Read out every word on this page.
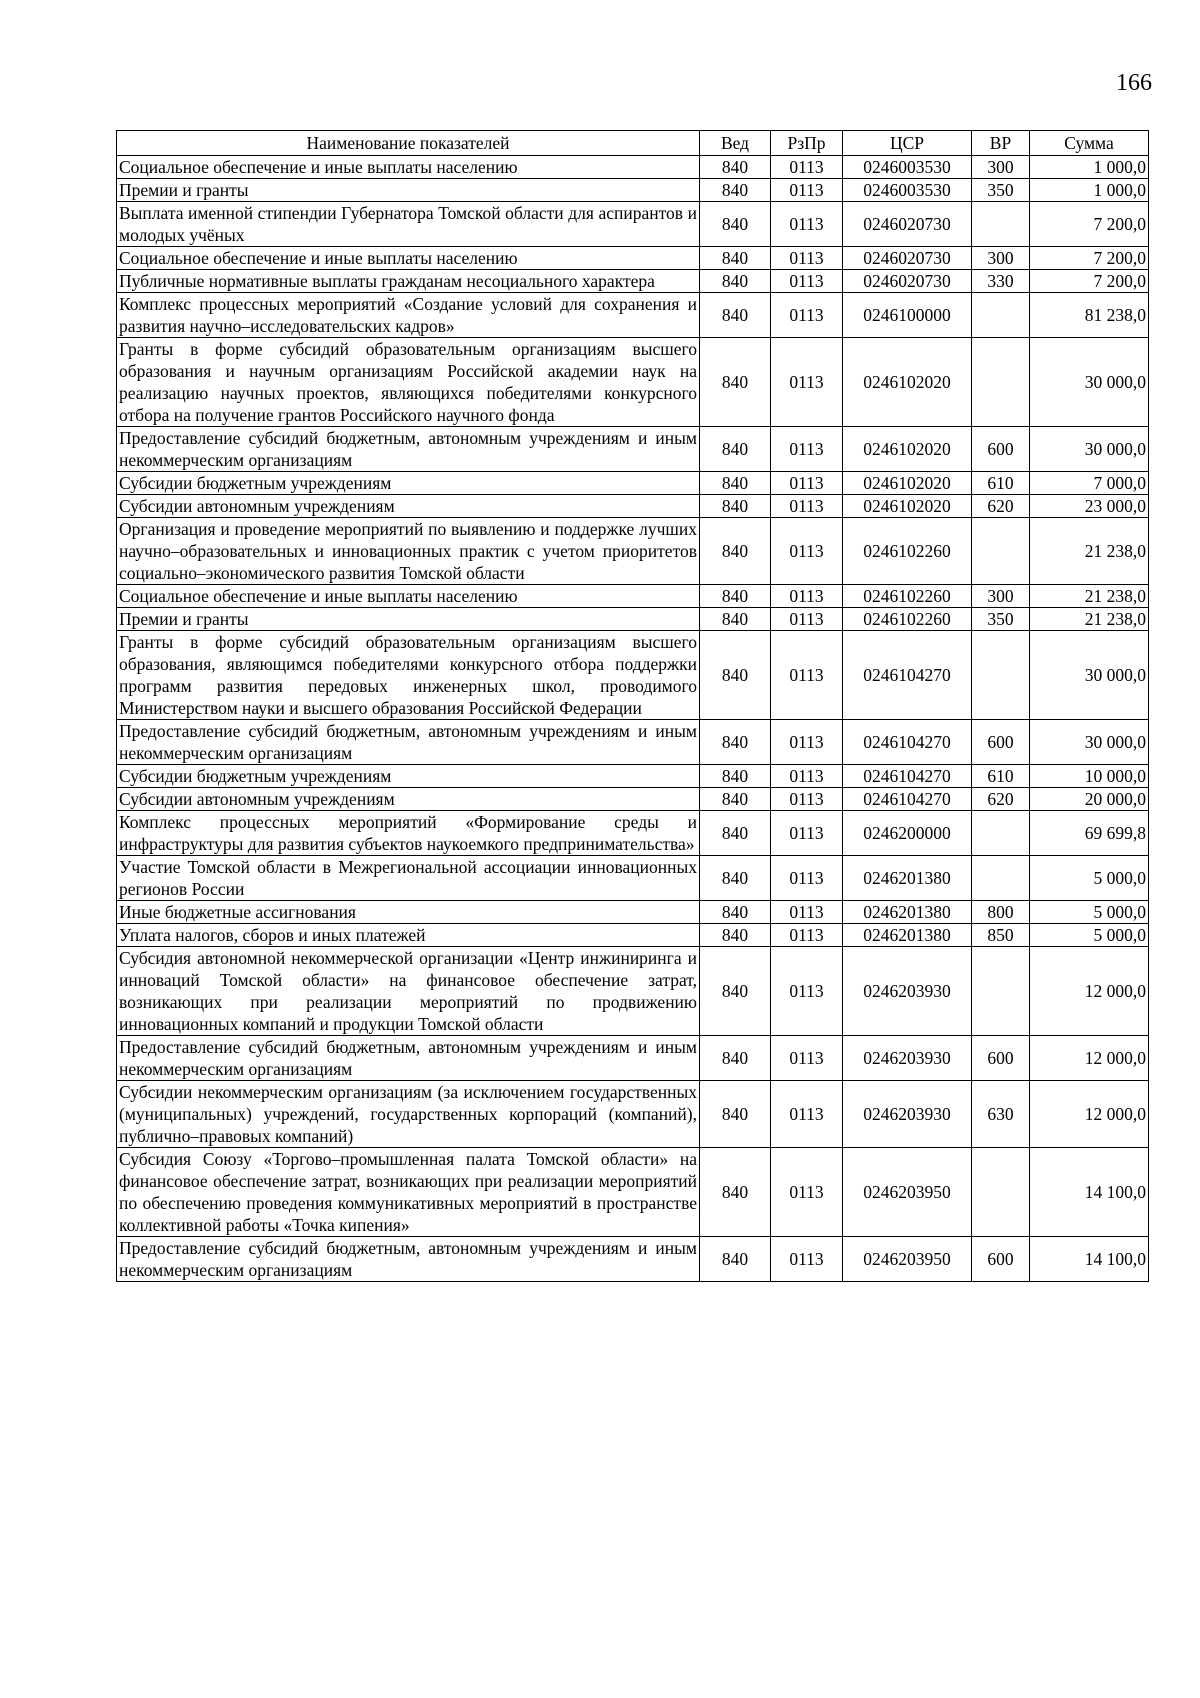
166
Наименование показателей	Вед	РзПр	ЦСР	ВР	Сумма
Социальное обеспечение и иные выплаты населению	840	0113	0246003530	300	1 000,0
Премии и гранты	840	0113	0246003530	350	1 000,0
Выплата именной стипендии Губернатора Томской области для аспирантов и молодых учёных	840	0113	0246020730		7 200,0
Социальное обеспечение и иные выплаты населению	840	0113	0246020730	300	7 200,0
Публичные нормативные выплаты гражданам несоциального характера	840	0113	0246020730	330	7 200,0
Комплекс процессных мероприятий «Создание условий для сохранения и развития научно–исследовательских кадров»	840	0113	0246100000		81 238,0
Гранты в форме субсидий образовательным организациям высшего образования и научным организациям Российской академии наук на реализацию научных проектов, являющихся победителями конкурсного отбора на получение грантов Российского научного фонда	840	0113	0246102020		30 000,0
Предоставление субсидий бюджетным, автономным учреждениям и иным некоммерческим организациям	840	0113	0246102020	600	30 000,0
Субсидии бюджетным учреждениям	840	0113	0246102020	610	7 000,0
Субсидии автономным учреждениям	840	0113	0246102020	620	23 000,0
Организация и проведение мероприятий по выявлению и поддержке лучших научно–образовательных и инновационных практик с учетом приоритетов социально–экономического развития Томской области	840	0113	0246102260		21 238,0
Социальное обеспечение и иные выплаты населению	840	0113	0246102260	300	21 238,0
Премии и гранты	840	0113	0246102260	350	21 238,0
Гранты в форме субсидий образовательным организациям высшего образования, являющимся победителями конкурсного отбора поддержки программ развития передовых инженерных школ, проводимого Министерством науки и высшего образования Российской Федерации	840	0113	0246104270		30 000,0
Предоставление субсидий бюджетным, автономным учреждениям и иным некоммерческим организациям	840	0113	0246104270	600	30 000,0
Субсидии бюджетным учреждениям	840	0113	0246104270	610	10 000,0
Субсидии автономным учреждениям	840	0113	0246104270	620	20 000,0
Комплекс процессных мероприятий «Формирование среды и инфраструктуры для развития субъектов наукоемкого предпринимательства»	840	0113	0246200000		69 699,8
Участие Томской области в Межрегиональной ассоциации инновационных регионов России	840	0113	0246201380		5 000,0
Иные бюджетные ассигнования	840	0113	0246201380	800	5 000,0
Уплата налогов, сборов и иных платежей	840	0113	0246201380	850	5 000,0
Субсидия автономной некоммерческой организации «Центр инжиниринга и инноваций Томской области» на финансовое обеспечение затрат, возникающих при реализации мероприятий по продвижению инновационных компаний и продукции Томской области	840	0113	0246203930		12 000,0
Предоставление субсидий бюджетным, автономным учреждениям и иным некоммерческим организациям	840	0113	0246203930	600	12 000,0
Субсидии некоммерческим организациям (за исключением государственных (муниципальных) учреждений, государственных корпораций (компаний), публично–правовых компаний)	840	0113	0246203930	630	12 000,0
Субсидия Союзу «Торгово–промышленная палата Томской области» на финансовое обеспечение затрат, возникающих при реализации мероприятий по обеспечению проведения коммуникативных мероприятий в пространстве коллективной работы «Точка кипения»	840	0113	0246203950		14 100,0
Предоставление субсидий бюджетным, автономным учреждениям и иным некоммерческим организациям	840	0113	0246203950	600	14 100,0
